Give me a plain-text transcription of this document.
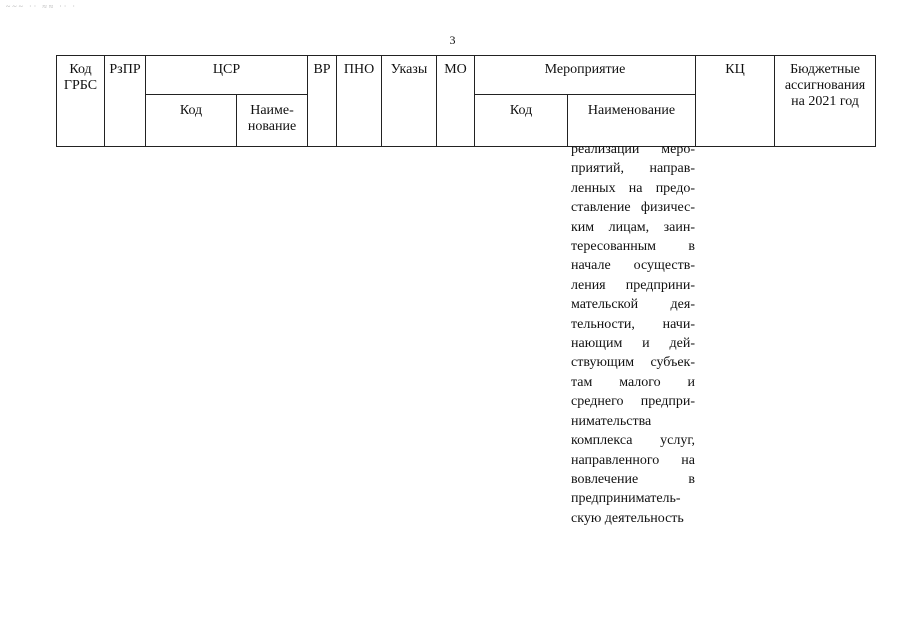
~~~ ·· ≈≈ ·· ·
3
Код ГРБС	РзПР	ЦСР		ВР	ПНО	Указы	МО	Мероприятие		КЦ	Бюджетные ассигнования на 2021 год

		Код	Наиме-нование					Код	Наименование		
реализации меро-
приятий, направ-
ленных на предо-
ставление физичес-
ким лицам, заин-
тересованным в
начале осуществ-
ления предприни-
мательской дея-
тельности, начи-
нающим и дей-
ствующим субъек-
там малого и
среднего предпри-
нимательства
комплекса услуг,
направленного на
вовлечение в
предприниматель-
скую деятельность
